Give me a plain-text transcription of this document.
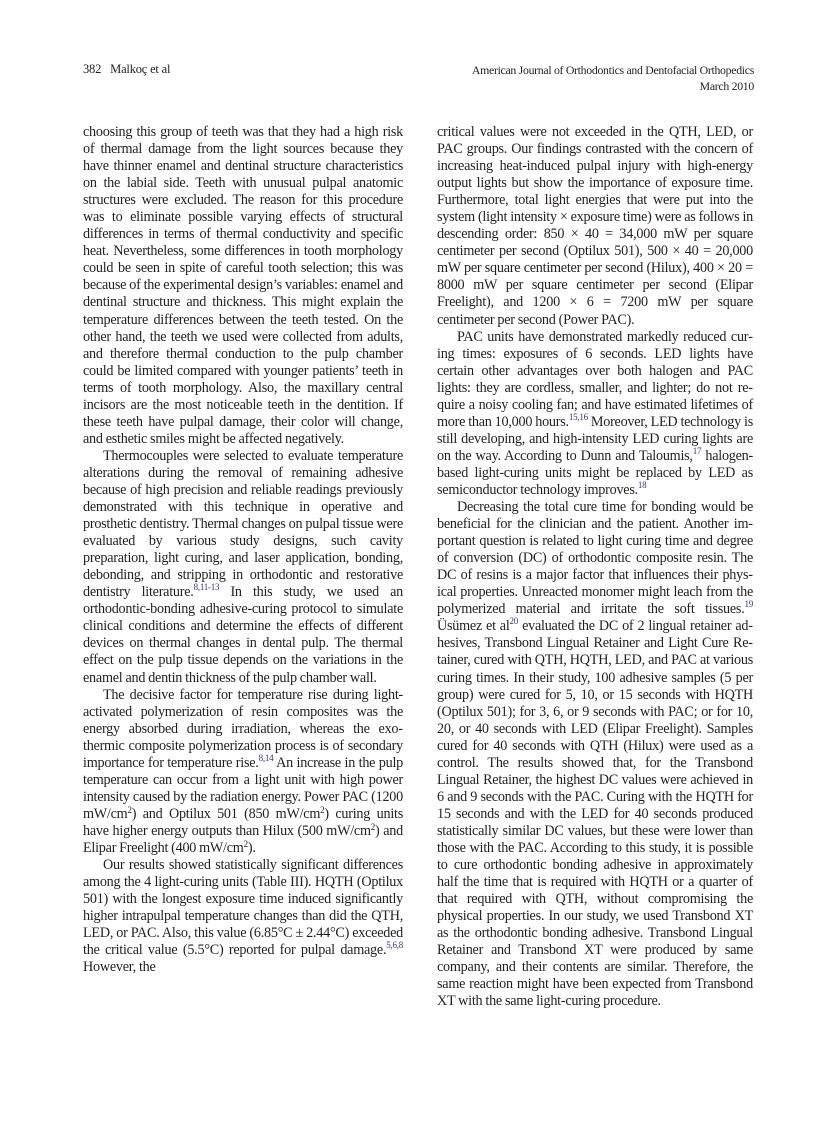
382 Malkoç et al	American Journal of Orthodontics and Dentofacial Orthopedics
March 2010

choosing this group of teeth was that they had a high risk of thermal damage from the light sources because they have thinner enamel and dentinal structure characteristics on the labial side. Teeth with unusual pulpal anatomic structures were excluded. The reason for this procedure was to eliminate possible varying effects of structural differences in terms of thermal conductivity and specific heat. Nevertheless, some differences in tooth morphology could be seen in spite of careful tooth selection; this was because of the experimental design’s variables: enamel and dentinal structure and thickness. This might explain the temperature differences between the teeth tested. On the other hand, the teeth we used were collected from adults, and therefore thermal conduction to the pulp chamber could be limited compared with younger patients’ teeth in terms of tooth morphology. Also, the maxillary central incisors are the most noticeable teeth in the dentition. If these teeth have pulpal damage, their color will change, and esthetic smiles might be affected negatively.

Thermocouples were selected to evaluate temperature alterations during the removal of remaining adhesive because of high precision and reliable readings previously demonstrated with this technique in operative and prosthetic dentistry. Thermal changes on pulpal tissue were evaluated by various study designs, such cavity preparation, light curing, and laser application, bonding, debonding, and stripping in orthodontic and restorative dentistry literature.$^{8,11-13}$ In this study, we used an orthodontic-bonding adhesive-curing protocol to simulate clinical conditions and determine the effects of different devices on thermal changes in dental pulp. The thermal effect on the pulp tissue depends on the variations in the enamel and dentin thickness of the pulp chamber wall.

The decisive factor for temperature rise during light-activated polymerization of resin composites was the energy absorbed during irradiation, whereas the exothermic composite polymerization process is of secondary importance for temperature rise.$^{8,14}$ An increase in the pulp temperature can occur from a light unit with high power intensity caused by the radiation energy. Power PAC (1200 $mW/cm^2$) and Optilux 501 (850 $mW/cm^2$) curing units have higher energy outputs than Hilux (500 $mW/cm^2$) and Elipar Freelight (400 $mW/cm^2$).

Our results showed statistically significant differences among the 4 light-curing units (Table III). HQTH (Optilux 501) with the longest exposure time induced significantly higher intrapulpal temperature changes than did the QTH, LED, or PAC. Also, this value (6.85°C ± 2.44°C) exceeded the critical value (5.5°C) reported for pulpal damage.$^{5,6,8}$ However, the

critical values were not exceeded in the QTH, LED, or PAC groups. Our findings contrasted with the concern of increasing heat-induced pulpal injury with high-energy output lights but show the importance of exposure time. Furthermore, total light energies that were put into the system (light intensity × exposure time) were as follows in descending order: 850 × 40 = 34,000 mW per square centimeter per second (Optilux 501), 500 × 40 = 20,000 mW per square centimeter per second (Hilux), 400 × 20 = 8000 mW per square centimeter per second (Elipar Freelight), and 1200 × 6 = 7200 mW per square centimeter per second (Power PAC).

PAC units have demonstrated markedly reduced curing times: exposures of 6 seconds. LED lights have certain other advantages over both halogen and PAC lights: they are cordless, smaller, and lighter; do not require a noisy cooling fan; and have estimated lifetimes of more than 10,000 hours.$^{15,16}$ Moreover, LED technology is still developing, and high-intensity LED curing lights are on the way. According to Dunn and Taloumis,$^{17}$ halogen-based light-curing units might be replaced by LED as semiconductor technology improves.$^{18}$

Decreasing the total cure time for bonding would be beneficial for the clinician and the patient. Another important question is related to light curing time and degree of conversion (DC) of orthodontic composite resin. The DC of resins is a major factor that influences their physical properties. Unreacted monomer might leach from the polymerized material and irritate the soft tissues.$^{19}$ Üsümez et al$^{20}$ evaluated the DC of 2 lingual retainer adhesives, Transbond Lingual Retainer and Light Cure Retainer, cured with QTH, HQTH, LED, and PAC at various curing times. In their study, 100 adhesive samples (5 per group) were cured for 5, 10, or 15 seconds with HQTH (Optilux 501); for 3, 6, or 9 seconds with PAC; or for 10, 20, or 40 seconds with LED (Elipar Freelight). Samples cured for 40 seconds with QTH (Hilux) were used as a control. The results showed that, for the Transbond Lingual Retainer, the highest DC values were achieved in 6 and 9 seconds with the PAC. Curing with the HQTH for 15 seconds and with the LED for 40 seconds produced statistically similar DC values, but these were lower than those with the PAC. According to this study, it is possible to cure orthodontic bonding adhesive in approximately half the time that is required with HQTH or a quarter of that required with QTH, without compromising the physical properties. In our study, we used Transbond XT as the orthodontic bonding adhesive. Transbond Lingual Retainer and Transbond XT were produced by same company, and their contents are similar. Therefore, the same reaction might have been expected from Transbond XT with the same light-curing procedure.
